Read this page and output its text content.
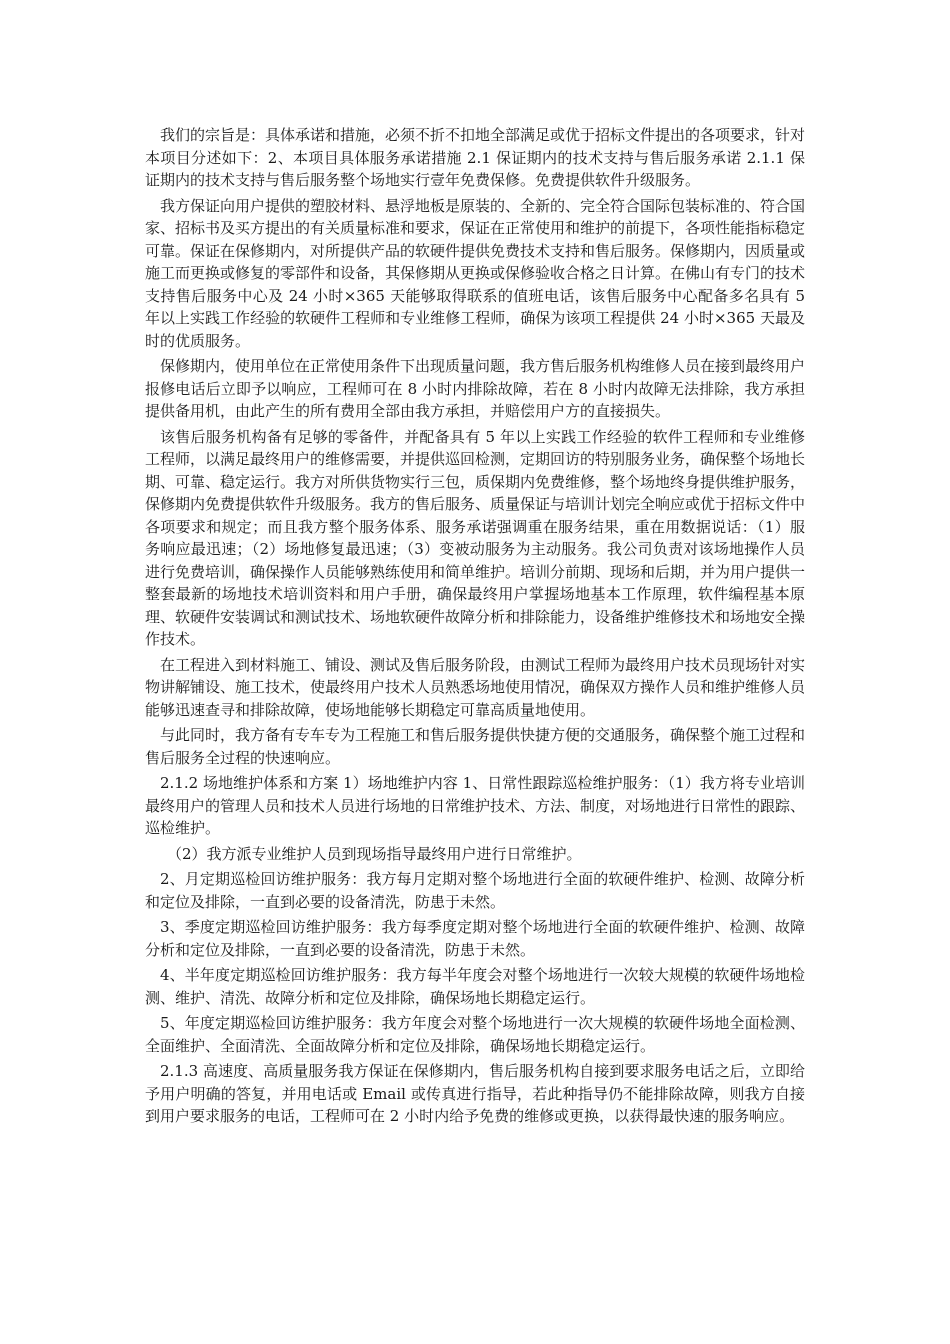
我们的宗旨是：具体承诺和措施，必须不折不扣地全部满足或优于招标文件提出的各项要求，针对本项目分述如下：2、本项目具体服务承诺措施 2.1 保证期内的技术支持与售后服务承诺 2.1.1 保证期内的技术支持与售后服务整个场地实行壹年免费保修。免费提供软件升级服务。

我方保证向用户提供的塑胶材料、悬浮地板是原装的、全新的、完全符合国际包装标准的、符合国家、招标书及买方提出的有关质量标准和要求，保证在正常使用和维护的前提下，各项性能指标稳定可靠。保证在保修期内，对所提供产品的软硬件提供免费技术支持和售后服务。保修期内，因质量或施工而更换或修复的零部件和设备，其保修期从更换或保修验收合格之日计算。在佛山有专门的技术支持售后服务中心及 24 小时×365 天能够取得联系的值班电话，该售后服务中心配备多名具有 5 年以上实践工作经验的软硬件工程师和专业维修工程师，确保为该项工程提供 24 小时×365 天最及时的优质服务。

保修期内，使用单位在正常使用条件下出现质量问题，我方售后服务机构维修人员在接到最终用户报修电话后立即予以响应，工程师可在 8 小时内排除故障，若在 8 小时内故障无法排除，我方承担提供备用机，由此产生的所有费用全部由我方承担，并赔偿用户方的直接损失。

该售后服务机构备有足够的零备件，并配备具有 5 年以上实践工作经验的软件工程师和专业维修工程师，以满足最终用户的维修需要，并提供巡回检测，定期回访的特别服务业务，确保整个场地长期、可靠、稳定运行。我方对所供货物实行三包，质保期内免费维修，整个场地终身提供维护服务，保修期内免费提供软件升级服务。我方的售后服务、质量保证与培训计划完全响应或优于招标文件中各项要求和规定；而且我方整个服务体系、服务承诺强调重在服务结果，重在用数据说话：（1）服务响应最迅速；（2）场地修复最迅速；（3）变被动服务为主动服务。我公司负责对该场地操作人员进行免费培训，确保操作人员能够熟练使用和简单维护。培训分前期、现场和后期，并为用户提供一整套最新的场地技术培训资料和用户手册，确保最终用户掌握场地基本工作原理，软件编程基本原理、软硬件安装调试和测试技术、场地软硬件故障分析和排除能力，设备维护维修技术和场地安全操作技术。

在工程进入到材料施工、铺设、测试及售后服务阶段，由测试工程师为最终用户技术员现场针对实物讲解铺设、施工技术，使最终用户技术人员熟悉场地使用情况，确保双方操作人员和维护维修人员能够迅速查寻和排除故障，使场地能够长期稳定可靠高质量地使用。

与此同时，我方备有专车专为工程施工和售后服务提供快捷方便的交通服务，确保整个施工过程和售后服务全过程的快速响应。

2.1.2 场地维护体系和方案 1）场地维护内容 1、日常性跟踪巡检维护服务：（1）我方将专业培训最终用户的管理人员和技术人员进行场地的日常维护技术、方法、制度，对场地进行日常性的跟踪、巡检维护。

（2）我方派专业维护人员到现场指导最终用户进行日常维护。

2、月定期巡检回访维护服务：我方每月定期对整个场地进行全面的软硬件维护、检测、故障分析和定位及排除，一直到必要的设备清洗，防患于未然。

3、季度定期巡检回访维护服务：我方每季度定期对整个场地进行全面的软硬件维护、检测、故障分析和定位及排除，一直到必要的设备清洗，防患于未然。

4、半年度定期巡检回访维护服务：我方每半年度会对整个场地进行一次较大规模的软硬件场地检测、维护、清洗、故障分析和定位及排除，确保场地长期稳定运行。

5、年度定期巡检回访维护服务：我方年度会对整个场地进行一次大规模的软硬件场地全面检测、全面维护、全面清洗、全面故障分析和定位及排除，确保场地长期稳定运行。

2.1.3 高速度、高质量服务我方保证在保修期内，售后服务机构自接到要求服务电话之后，立即给予用户明确的答复，并用电话或 Email 或传真进行指导，若此种指导仍不能排除故障，则我方自接到用户要求服务的电话，工程师可在 2 小时内给予免费的维修或更换，以获得最快速的服务响应。
